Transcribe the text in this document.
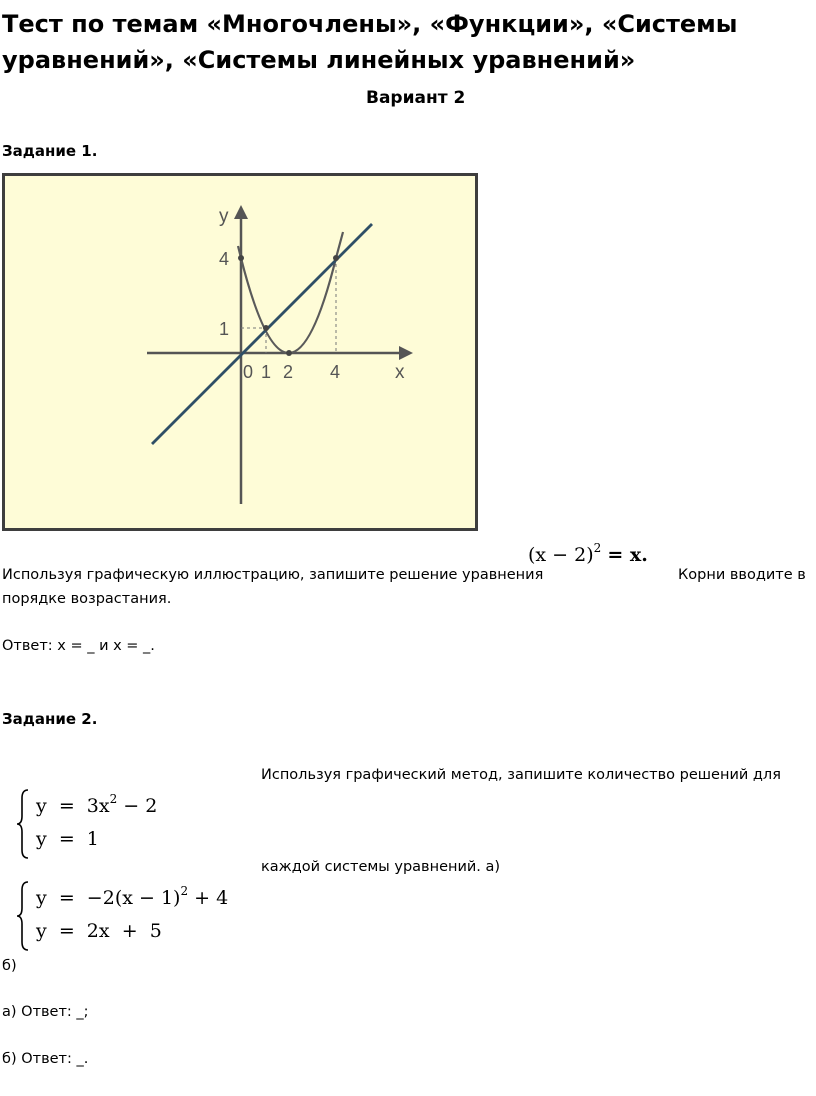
Тест по темам «Многочлены», «Функции», «Системы уравнений», «Системы линейных уравнений»
Вариант 2
Задание 1.
y
x
4
1
0 1 2 4
Используя графическую иллюстрацию, запишите решение уравнения
$(x - 2)^2 = x$.
Корни вводите в
порядке возрастания.
Ответ: x = _ и x = _.
Задание 2.
Используя графический метод, запишите количество решений для
каждой системы уравнений. а)
$y = 3x^2 - 2$
y  =  1
$y = -2(x - 1)^2 + 4$
y  =  2x  +  5
б)
а) Ответ: _;
б) Ответ: _.
